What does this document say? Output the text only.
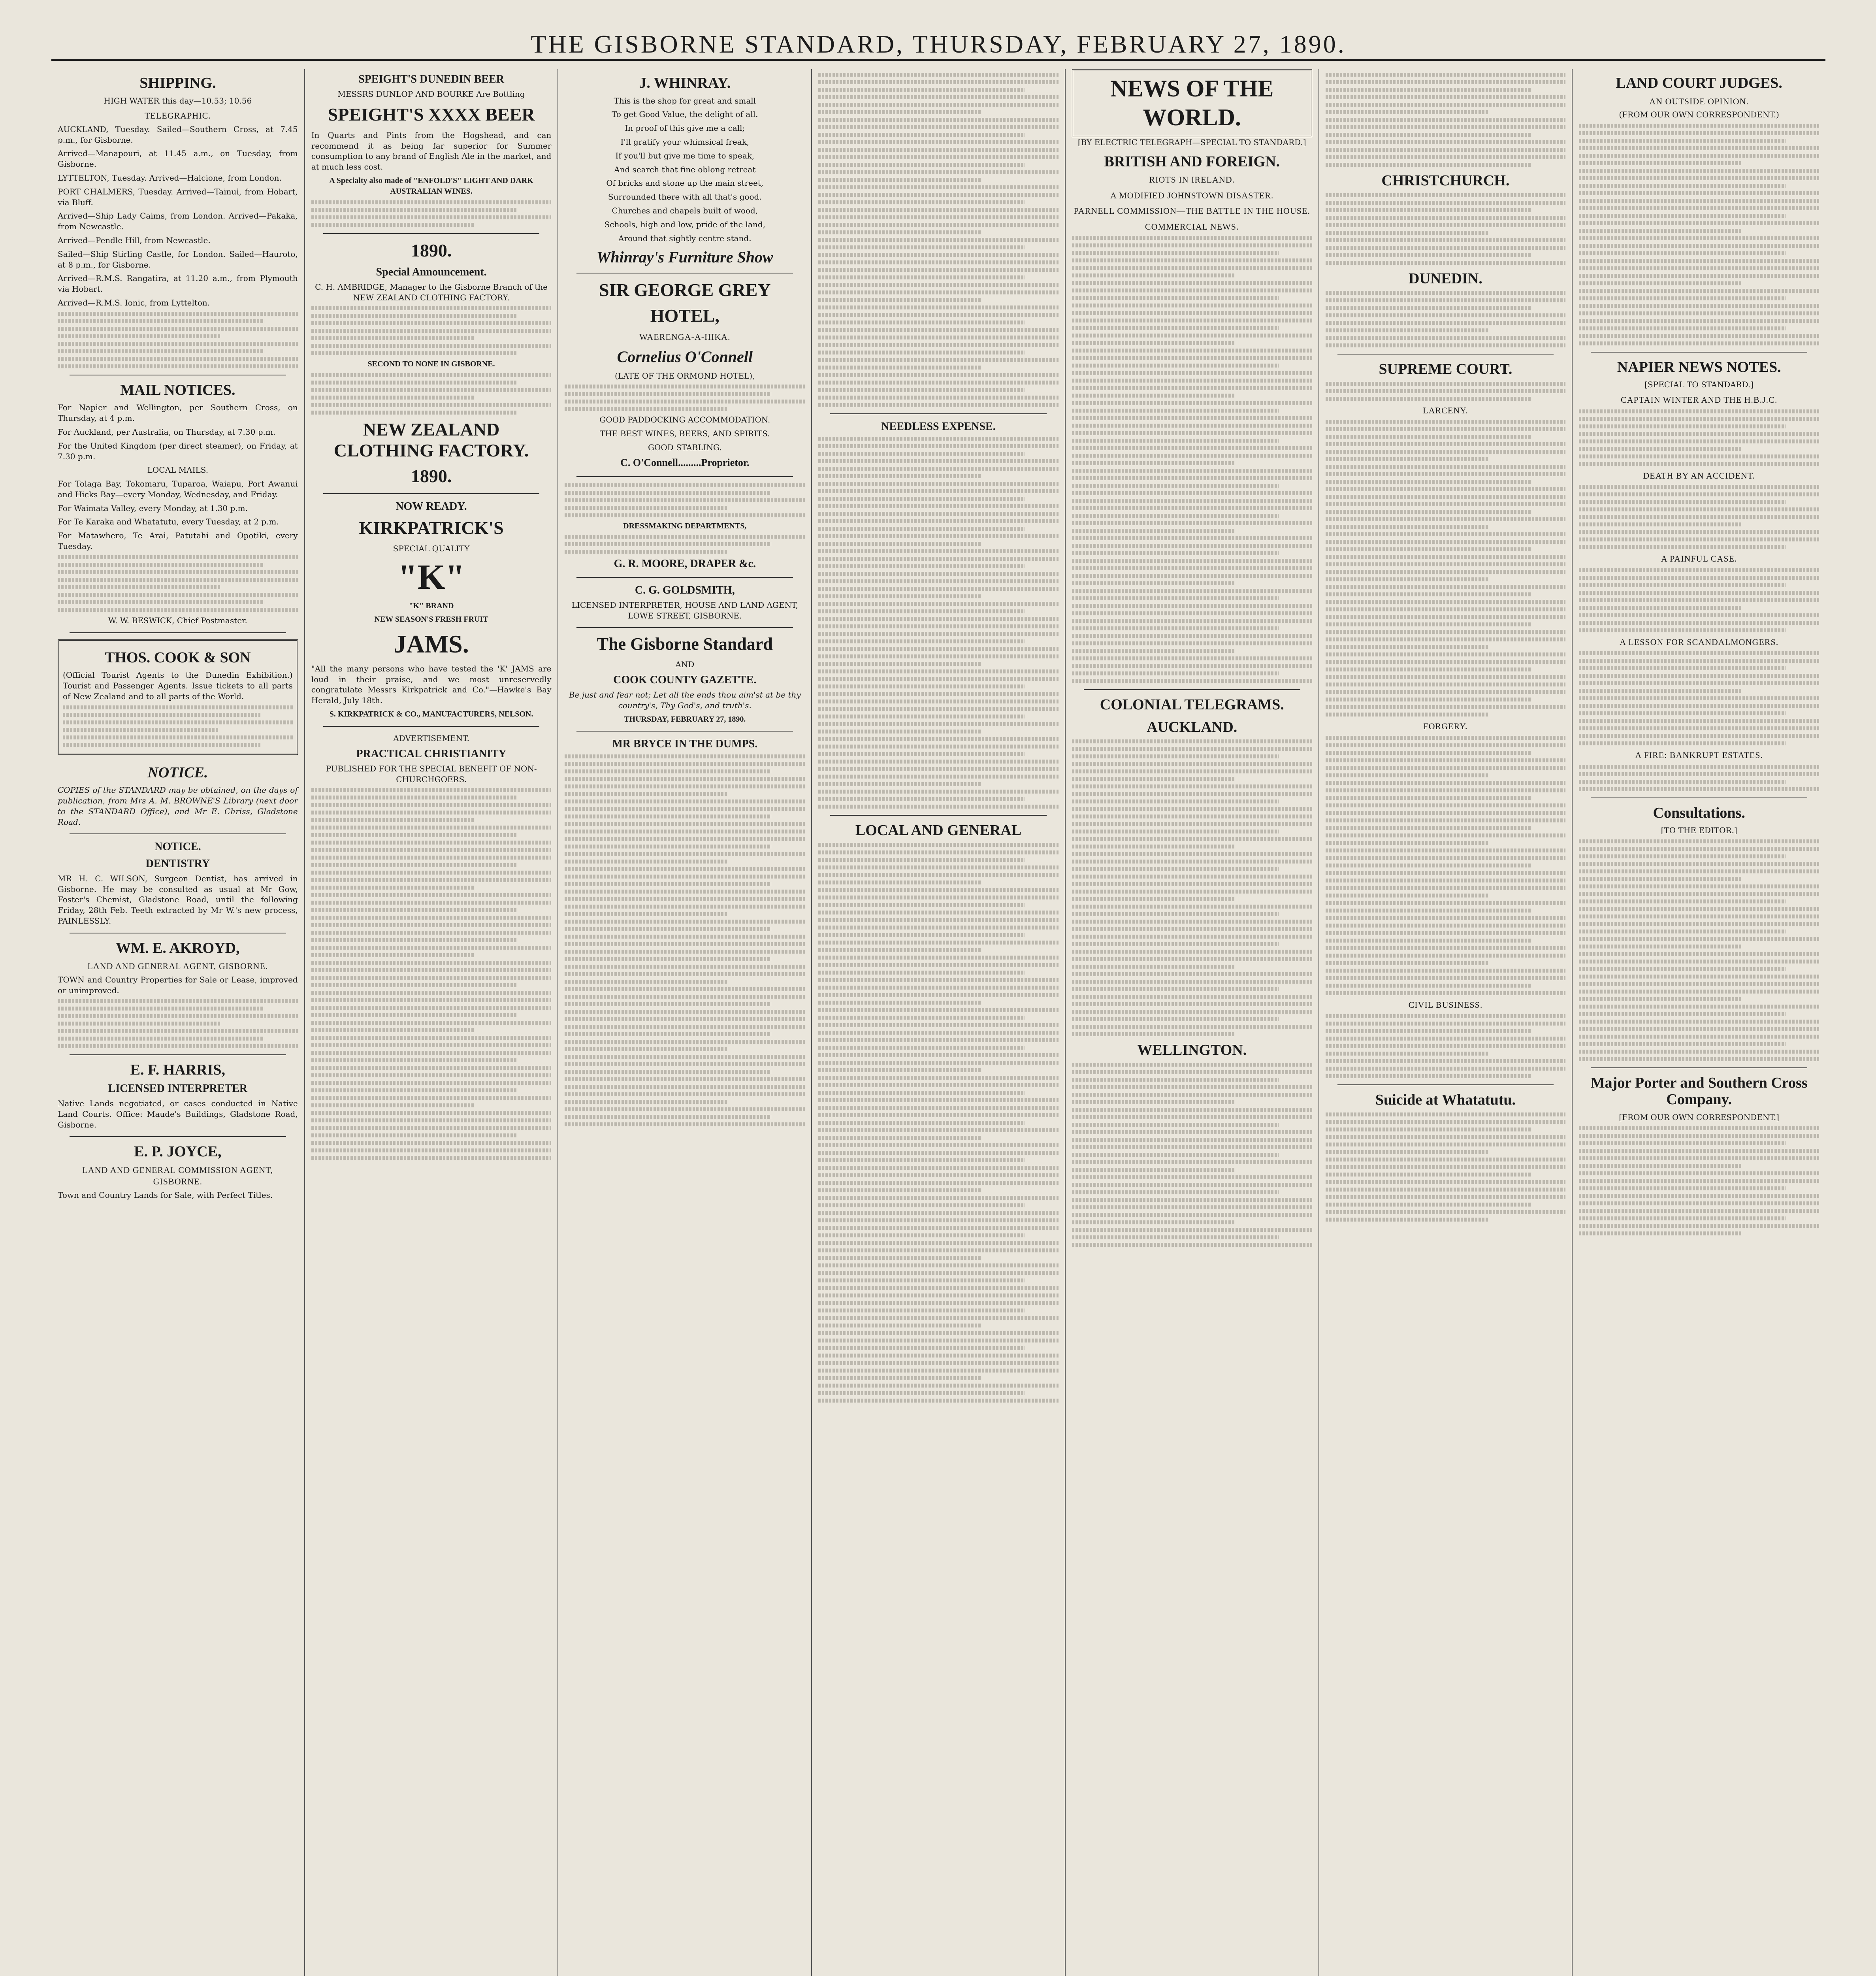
THE GISBORNE STANDARD, THURSDAY, FEBRUARY 27, 1890.
SHIPPING.

HIGH WATER this day—10.53; 10.56

TELEGRAPHIC.

AUCKLAND, Tuesday. Sailed—Southern Cross, at 7.45 p.m., for Gisborne.

Arrived—Manapouri, at 11.45 a.m., on Tuesday, from Gisborne.

LYTTELTON, Tuesday. Arrived—Halcione, from London.

PORT CHALMERS, Tuesday. Arrived—Tainui, from Hobart, via Bluff.

Arrived—Ship Lady Caims, from London. Arrived—Pakaka, from Newcastle.

Arrived—Pendle Hill, from Newcastle.

Sailed—Ship Stirling Castle, for London. Sailed—Hauroto, at 8 p.m., for Gisborne.

Arrived—R.M.S. Rangatira, at 11.20 a.m., from Plymouth via Hobart.

Arrived—R.M.S. Ionic, from Lyttelton.

MAIL NOTICES.

For Napier and Wellington, per Southern Cross, on Thursday, at 4 p.m.

For Auckland, per Australia, on Thursday, at 7.30 p.m.

For the United Kingdom (per direct steamer), on Friday, at 7.30 p.m.

LOCAL MAILS.

For Tolaga Bay, Tokomaru, Tuparoa, Waiapu, Port Awanui and Hicks Bay—every Monday, Wednesday, and Friday.

For Waimata Valley, every Monday, at 1.30 p.m.

For Te Karaka and Whatatutu, every Tuesday, at 2 p.m.

For Matawhero, Te Arai, Patutahi and Opotiki, every Tuesday.

W. W. BESWICK, Chief Postmaster.

THOS. COOK & SON

(Official Tourist Agents to the Dunedin Exhibition.) Tourist and Passenger Agents. Issue tickets to all parts of New Zealand and to all parts of the World.

NOTICE.

COPIES of the STANDARD may be obtained, on the days of publication, from Mrs A. M. BROWNE'S Library (next door to the STANDARD Office), and Mr E. Chriss, Gladstone Road.

NOTICE.
DENTISTRY

MR H. C. WILSON, Surgeon Dentist, has arrived in Gisborne. He may be consulted as usual at Mr Gow, Foster's Chemist, Gladstone Road, until the following Friday, 28th Feb. Teeth extracted by Mr W.'s new process, PAINLESSLY.

WM. E. AKROYD,
LAND AND GENERAL AGENT, GISBORNE.

TOWN and Country Properties for Sale or Lease, improved or unimproved.

E. F. HARRIS,
LICENSED INTERPRETER

Native Lands negotiated, or cases conducted in Native Land Courts. Office: Maude's Buildings, Gladstone Road, Gisborne.

E. P. JOYCE,
LAND AND GENERAL COMMISSION AGENT, GISBORNE.

Town and Country Lands for Sale, with Perfect Titles.

SPEIGHT'S DUNEDIN BEER

MESSRS DUNLOP AND BOURKE Are Bottling

SPEIGHT'S XXXX BEER

In Quarts and Pints from the Hogshead, and can recommend it as being far superior for Summer consumption to any brand of English Ale in the market, and at much less cost.

A Specialty also made of "ENFOLD'S" LIGHT AND DARK AUSTRALIAN WINES.

1890.
Special Announcement.

C. H. AMBRIDGE, Manager to the Gisborne Branch of the NEW ZEALAND CLOTHING FACTORY.

SECOND TO NONE IN GISBORNE.

NEW ZEALAND CLOTHING FACTORY.
1890.
NOW READY.
KIRKPATRICK'S

SPECIAL QUALITY

"K"

"K" BRAND

NEW SEASON'S FRESH FRUIT

JAMS.

"All the many persons who have tested the 'K' JAMS are loud in their praise, and we most unreservedly congratulate Messrs Kirkpatrick and Co."—Hawke's Bay Herald, July 18th.

S. KIRKPATRICK & CO., MANUFACTURERS, NELSON.

ADVERTISEMENT.

PRACTICAL CHRISTIANITY

PUBLISHED FOR THE SPECIAL BENEFIT OF NON-CHURCHGOERS.

J. WHINRAY.

This is the shop for great and small

To get Good Value, the delight of all.

In proof of this give me a call;

I'll gratify your whimsical freak,

If you'll but give me time to speak,

And search that fine oblong retreat

Of bricks and stone up the main street,

Surrounded there with all that's good.

Churches and chapels built of wood,

Schools, high and low, pride of the land,

Around that sightly centre stand.

Whinray's Furniture Show
SIR GEORGE GREY
HOTEL,
WAERENGA-A-HIKA.
Cornelius O'Connell

(LATE OF THE ORMOND HOTEL),

GOOD PADDOCKING ACCOMMODATION.

THE BEST WINES, BEERS, AND SPIRITS.

GOOD STABLING.

C. O'Connell.........Proprietor.

DRESSMAKING DEPARTMENTS,

G. R. MOORE, DRAPER &c.
C. G. GOLDSMITH,

LICENSED INTERPRETER, HOUSE AND LAND AGENT, LOWE STREET, GISBORNE.

The Gisborne Standard

AND

COOK COUNTY GAZETTE.

Be just and fear not; Let all the ends thou aim'st at be thy country's, Thy God's, and truth's.

THURSDAY, FEBRUARY 27, 1890.

MR BRYCE IN THE DUMPS.
NEEDLESS EXPENSE.
LOCAL AND GENERAL
NEWS OF THE
WORLD.

[BY ELECTRIC TELEGRAPH—SPECIAL TO STANDARD.]

BRITISH AND FOREIGN.
RIOTS IN IRELAND.
A MODIFIED JOHNSTOWN DISASTER.
PARNELL COMMISSION—THE BATTLE IN THE HOUSE.
COMMERCIAL NEWS.
COLONIAL TELEGRAMS.
AUCKLAND.
WELLINGTON.
CHRISTCHURCH.
DUNEDIN.
SUPREME COURT.
LARCENY.
FORGERY.
CIVIL BUSINESS.
Suicide at Whatatutu.
LAND COURT JUDGES.
AN OUTSIDE OPINION.

(FROM OUR OWN CORRESPONDENT.)

NAPIER NEWS NOTES.

[SPECIAL TO STANDARD.]

CAPTAIN WINTER AND THE H.B.J.C.
DEATH BY AN ACCIDENT.
A PAINFUL CASE.
A LESSON FOR SCANDALMONGERS.
A FIRE: BANKRUPT ESTATES.
Consultations.

[TO THE EDITOR.]

Major Porter and Southern Cross Company.

[FROM OUR OWN CORRESPONDENT.]
